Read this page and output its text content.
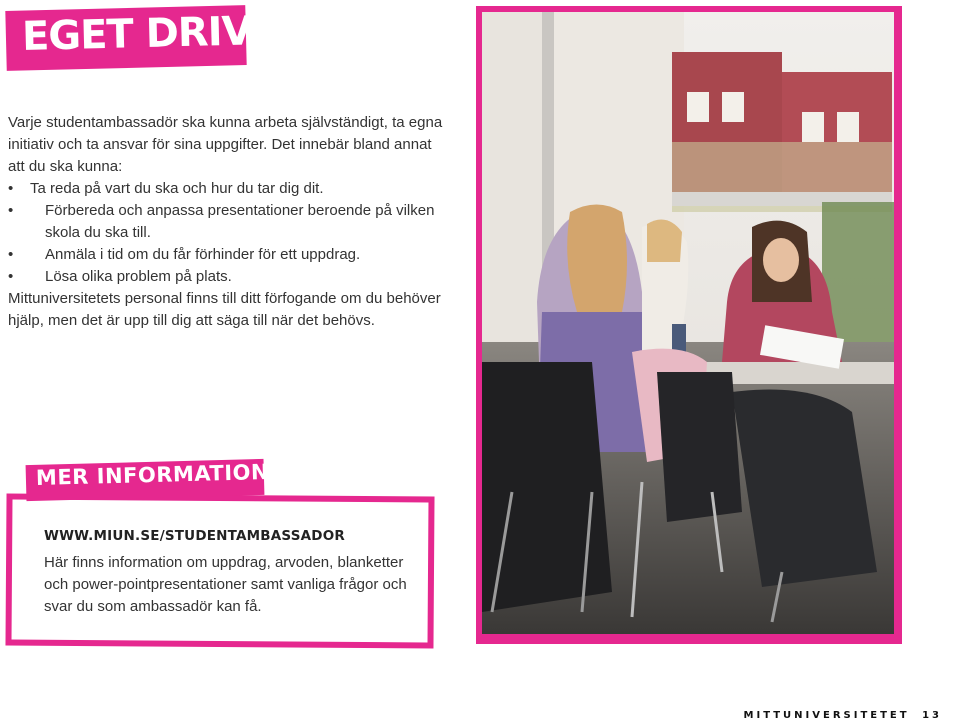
EGET DRIV

Varje studentambassadör ska kunna arbeta självständigt, ta egna initiativ och ta ansvar för sina uppgifter. Det innebär bland annat att du ska kunna:

• Ta reda på vart du ska och hur du tar dig dit.
• Förbereda och anpassa presentationer beroende på vilken skola du ska till.
• Anmäla i tid om du får förhinder för ett uppdrag.
• Lösa olika problem på plats.

Mittuniversitetets personal finns till ditt förfogande om du behöver hjälp, men det är upp till dig att säga till när det behövs.

MER INFORMATION:
WWW.MIUN.SE/STUDENTAMBASSADOR
Här finns information om uppdrag, arvoden, blanketter och power-pointpresentationer samt vanliga frågor och svar du som ambassadör kan få.
MITTUNIVERSITETET 13
